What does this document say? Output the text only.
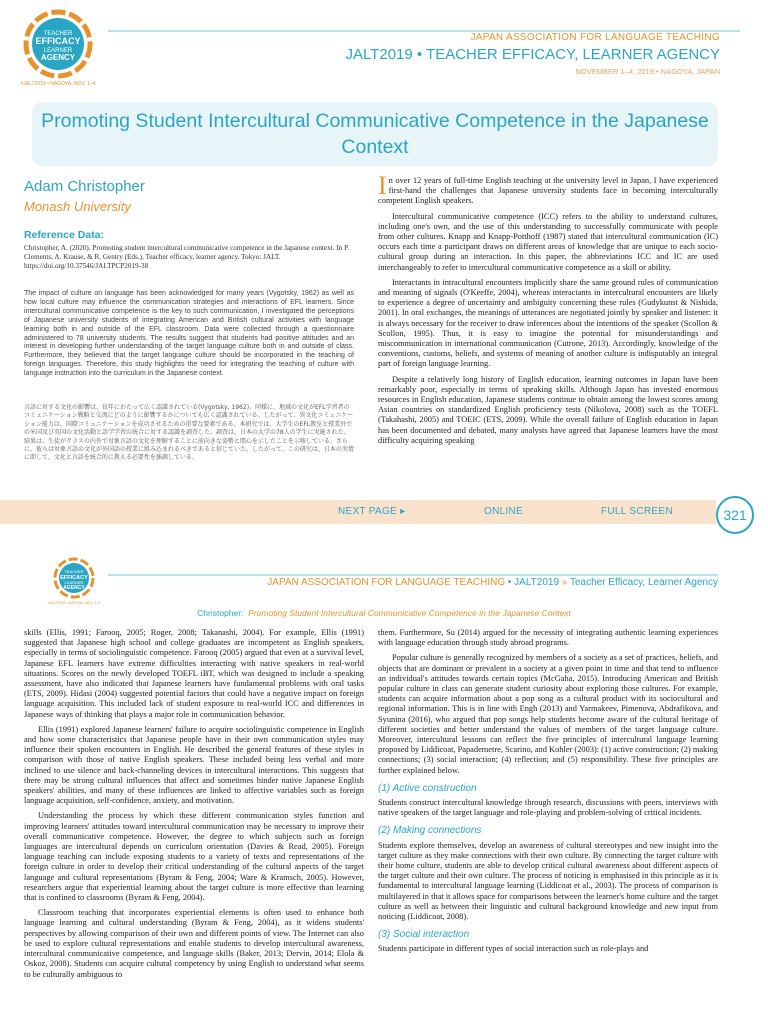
TEACHER
EFFICACY
LEARNER
AGENCY
#JALT2019 • NAGOYA, NOV. 1–4
JAPAN ASSOCIATION FOR LANGUAGE TEACHING
JALT2019 • TEACHER EFFICACY, LEARNER AGENCY
NOVEMBER 1–4, 2019 • NAGOYA, JAPAN
Promoting Student Intercultural Communicative Competence in the Japanese Context
Adam Christopher
Monash University
Reference Data:
Christopher, A. (2020). Promoting student intercultural communicative competence in the Japanese context. In P. Clements, A. Krause, & R. Gentry (Eds.), Teacher efficacy, learner agency. Tokyo: JALT. https://doi.org/10.37546/JALTPCP2019-38
The impact of culture on language has been acknowledged for many years (Vygotsky, 1962) as well as how local culture may influence the communication strategies and interactions of EFL learners. Since intercultural communicative competence is the key to such communication, I investigated the perceptions of Japanese university students of integrating American and British cultural activities with language learning both in and outside of the EFL classroom. Data were collected through a questionnaire administered to 78 university students. The results suggest that students had positive attitudes and an interest in developing further understanding of the target language culture both in and outside of class. Furthermore, they believed that the target language culture should be incorporated in the teaching of foreign languages. Therefore, this study highlights the need for integrating the teaching of culture with language instruction into the curriculum in the Japanese context.
言語に対する文化の影響は、長年にわたって広く認識されている(Vygotsky, 1962)。同様に、地域の文化がEFL学習者のコミュニケーション戦略と交流にどのように影響するかについても広く認識されている。したがって、異文化コミュニケーション能力は、国際コミュニケーションを成功させるための重要な要素である。本研究では、大学生のEFL教室と授業外での米国及び英国の文化活動と語学学習の統合に対する認識を調査した。調査は、日本の大学の78人の学生に実施された。結果は、生徒がクラスの内外で対象言語の文化を理解することに前向きな姿勢と関心を示したことを示唆している。さらに、彼らは対象言語の文化が外国語の授業に組み込まれるべきであると信じていた。したがって、この研究は、日本の実情に即して、文化と言語を統合的に教える必要性を強調している。

In over 12 years of full-time English teaching at the university level in Japan, I have experienced first-hand the challenges that Japanese university students face in becoming interculturally competent English speakers.

Intercultural communicative competence (ICC) refers to the ability to understand cultures, including one's own, and the use of this understanding to successfully communicate with people from other cultures. Knapp and Knapp-Potthoff (1987) stated that intercultural communication (IC) occurs each time a participant draws on different areas of knowledge that are unique to each socio-cultural group during an interaction. In this paper, the abbreviations ICC and IC are used interchangeably to refer to intercultural communicative competence as a skill or ability.

Interactants in intracultural encounters implicitly share the same ground rules of communication and meaning of signals (O'Keeffe, 2004), whereas interactants in intercultural encounters are likely to experience a degree of uncertainty and ambiguity concerning these rules (Gudykunst & Nishida, 2001). In oral exchanges, the meanings of utterances are negotiated jointly by speaker and listener: it is always necessary for the receiver to draw inferences about the intentions of the speaker (Scollon & Scollon, 1995). Thus, it is easy to imagine the potential for misunderstandings and miscommunication in international communication (Cutrone, 2013). Accordingly, knowledge of the conventions, customs, beliefs, and systems of meaning of another culture is indisputably an integral part of foreign language learning.

Despite a relatively long history of English education, learning outcomes in Japan have been remarkably poor, especially in terms of speaking skills. Although Japan has invested enormous resources in English education, Japanese students continue to obtain among the lowest scores among Asian countries on standardized English proficiency tests (Nikolova, 2008) such as the TOEFL (Takahashi, 2005) and TOEIC (ETS, 2009). While the overall failure of English education in Japan has been documented and debated, many analysts have agreed that Japanese learners have the most difficulty acquiring speaking

NEXT PAGE ▸	ONLINE	FULL SCREEN	321
TEACHER
EFFICACY
LEARNER
AGENCY
#JALT2019 • NAGOYA, NOV. 1–4
JAPAN ASSOCIATION FOR LANGUAGE TEACHING • JALT2019 » Teacher Efficacy, Learner Agency
Christopher: Promoting Student Intercultural Communicative Competence in the Japanese Context

skills (Ellis, 1991; Farooq, 2005; Roger, 2008; Takanashi, 2004). For example, Ellis (1991) suggested that Japanese high school and college graduates are incompetent as English speakers, especially in terms of sociolinguistic competence. Farooq (2005) argued that even at a survival level, Japanese EFL learners have extreme difficulties interacting with native speakers in real-world situations. Scores on the newly developed TOEFL iBT, which was designed to include a speaking assessment, have also indicated that Japanese learners have fundamental problems with oral tasks (ETS, 2009). Hidasi (2004) suggested potential factors that could have a negative impact on foreign language acquisition. This included lack of student exposure to real-world ICC and differences in Japanese ways of thinking that plays a major role in communication behavior.

Ellis (1991) explored Japanese learners' failure to acquire sociolinguistic competence in English and how some characteristics that Japanese people have in their own communication styles may influence their spoken encounters in English. He described the general features of these styles in comparison with those of native English speakers. These included being less verbal and more inclined to use silence and back-channeling devices in intercultural interactions. This suggests that there may be strong cultural influences that affect and sometimes hinder native Japanese English speakers' abilities, and many of these influences are linked to affective variables such as foreign language acquisition, self-confidence, anxiety, and motivation.

Understanding the process by which these different communication styles function and improving learners' attitudes toward intercultural communication may be necessary to improve their overall communicative competence. However, the degree to which subjects such as foreign languages are intercultural depends on curriculum orientation (Davies & Read, 2005). Foreign language teaching can include exposing students to a variety of texts and representations of the foreign culture in order to develop their critical understanding of the cultural aspects of the target language and cultural representations (Byram & Feng, 2004; Ware & Kramsch, 2005). However, researchers argue that experiential learning about the target culture is more effective than learning that is confined to classrooms (Byram & Feng, 2004).

Classroom teaching that incorporates experiential elements is often used to enhance both language learning and cultural understanding (Byram & Feng, 2004), as it widens students' perspectives by allowing comparison of their own and different points of view. The Internet can also be used to explore cultural representations and enable students to develop intercultural awareness, intercultural communicative competence, and language skills (Baker, 2013; Dervin, 2014; Elola & Oskoz, 2008). Students can acquire cultural competency by using English to understand what seems to be culturally ambiguous to

them. Furthermore, Su (2014) argued for the necessity of integrating authentic learning experiences with language education through study abroad programs.

Popular culture is generally recognized by members of a society as a set of practices, beliefs, and objects that are dominant or prevalent in a society at a given point in time and that tend to influence an individual's attitudes towards certain topics (McGaha, 2015). Introducing American and British popular culture in class can generate student curiosity about exploring those cultures. For example, students can acquire information about a pop song as a cultural product with its sociocultural and regional information. This is in line with Engh (2013) and Yarmakeev, Pimenova, Abdrafikova, and Syunina (2016), who argued that pop songs help students become aware of the cultural heritage of different societies and better understand the values of members of the target language culture. Moreover, intercultural lessons can reflect the five principles of intercultural language learning proposed by Liddicoat, Papademetre, Scarino, and Kohler (2003): (1) active construction; (2) making connections; (3) social interaction; (4) reflection; and (5) responsibility. These five principles are further explained below.

(1) Active construction

Students construct intercultural knowledge through research, discussions with peers, interviews with native speakers of the target language and role-playing and problem-solving of critical incidents.

(2) Making connections

Students explore themselves, develop an awareness of cultural stereotypes and new insight into the target culture as they make connections with their own culture. By connecting the target culture with their home culture, students are able to develop critical cultural awareness about different aspects of the target culture and their own culture. The process of noticing is emphasised in this principle as it is fundamental to intercultural language learning (Liddicoat et al., 2003). The process of comparison is multilayered in that it allows space for comparisons between the learner's home culture and the target culture as well as between their linguistic and cultural background knowledge and new input from noticing (Liddicoat, 2008).

(3) Social interaction

Students participate in different types of social interaction such as role-plays and
